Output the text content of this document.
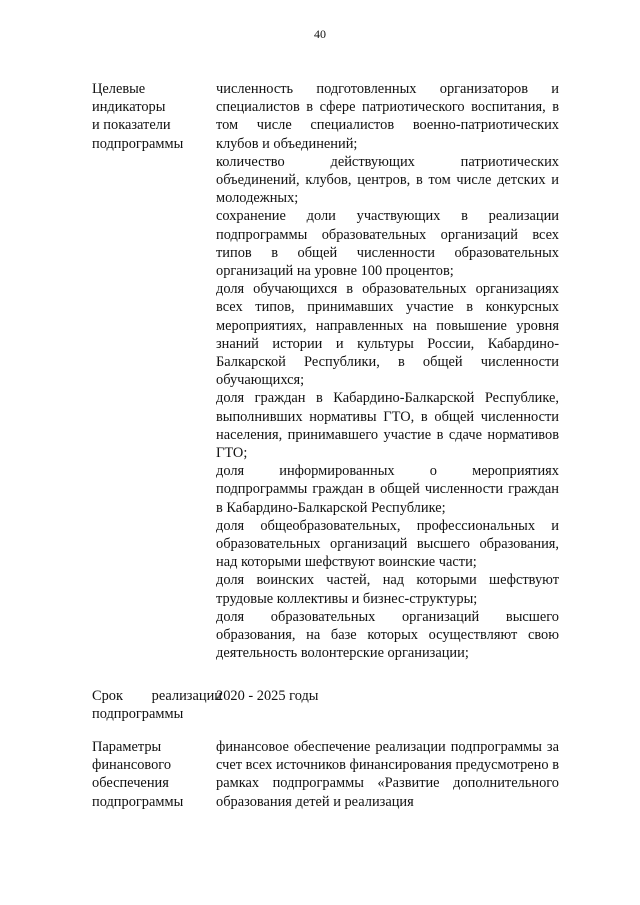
40
Целевые
индикаторы
и показатели
подпрограммы

численность подготовленных организаторов и специалистов в сфере патриотического воспитания, в том числе специалистов военно-патриотических клубов и объединений;

количество действующих патриотических объединений, клубов, центров, в том числе детских и молодежных;

сохранение доли участвующих в реализации подпрограммы образовательных организаций всех типов в общей численности образовательных организаций на уровне 100 процентов;

доля обучающихся в образовательных организациях всех типов, принимавших участие в конкурсных мероприятиях, направленных на повышение уровня знаний истории и культуры России, Кабардино-Балкарской Республики, в общей численности обучающихся;

доля граждан в Кабардино-Балкарской Республике, выполнивших нормативы ГТО, в общей численности населения, принимавшего участие в сдаче нормативов ГТО;

доля информированных о мероприятиях подпрограммы граждан в общей численности граждан в Кабардино-Балкарской Республике;

доля общеобразовательных, профессиональных и образовательных организаций высшего образования, над которыми шефствуют воинские части;

доля воинских частей, над которыми шефствуют трудовые коллективы и бизнес-структуры;

доля образовательных организаций высшего образования, на базе которых осуществляют свою деятельность волонтерские организации;

Срок реализации
подпрограммы
2020 - 2025 годы
Параметры
финансового
обеспечения
подпрограммы

финансовое обеспечение реализации подпрограммы за счет всех источников финансирования предусмотрено в рамках подпрограммы «Развитие дополнительного образования детей и реализация
